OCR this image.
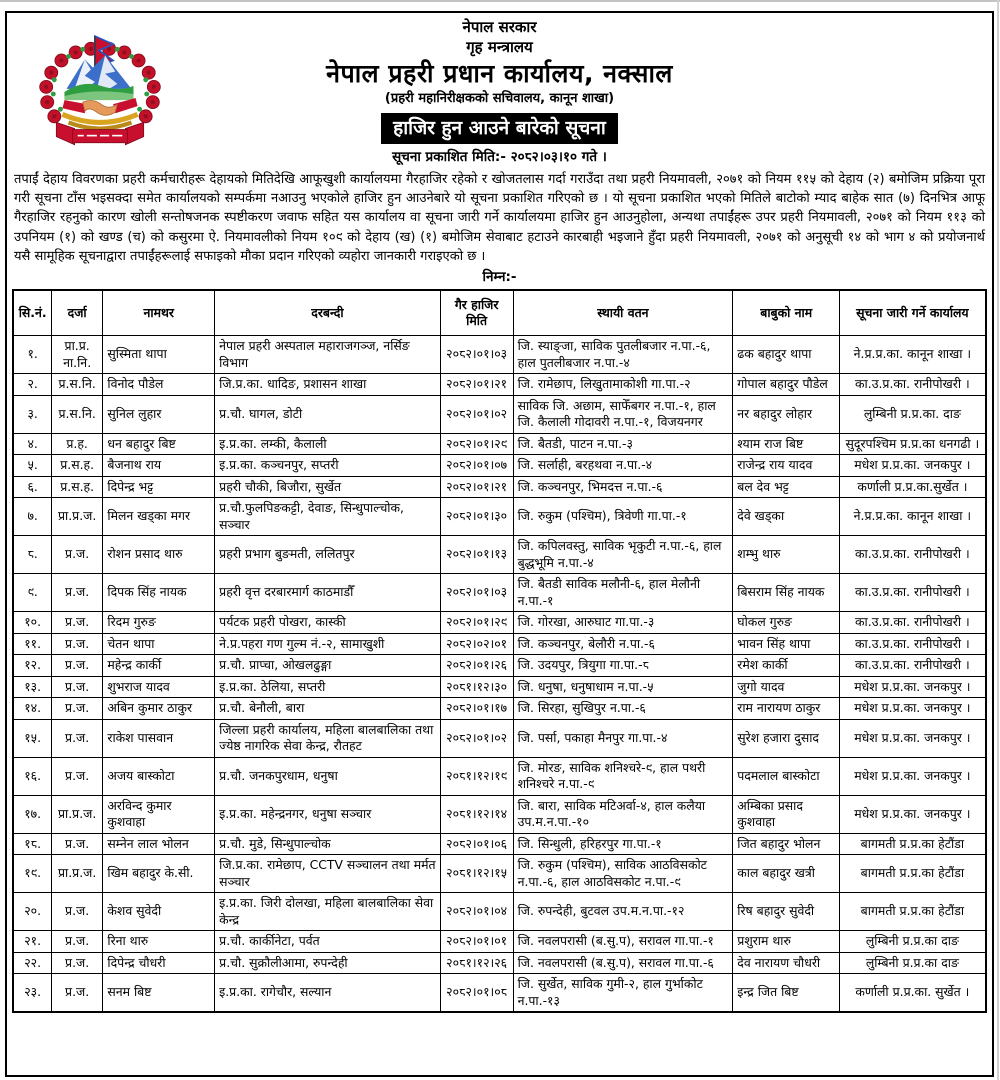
नेपाल सरकार
गृह मन्त्रालय
नेपाल प्रहरी प्रधान कार्यालय, नक्साल
(प्रहरी महानिरीक्षकको सचिवालय, कानून शाखा)
हाजिर हुन आउने बारेको सूचना
सूचना प्रकाशित मिति:- २०८२।०३।१० गते ।
तपाईं देहाय विवरणका प्रहरी कर्मचारीहरू देहायको मितिदेखि आफूखुशी कार्यालयमा गैरहाजिर रहेको र खोजतलास गर्दा गराउँदा तथा प्रहरी नियमावली, २०७१ को नियम ११५ को देहाय (२) बमोजिम प्रक्रिया पूरा गरी सूचना टाँस भइसक्दा समेत कार्यालयको सम्पर्कमा नआउनु भएकोले हाजिर हुन आउनेबारे यो सूचना प्रकाशित गरिएको छ । यो सूचना प्रकाशित भएको मितिले बाटोको म्याद बाहेक सात (७) दिनभित्र आफू गैरहाजिर रहनुको कारण खोली सन्तोषजनक स्पष्टीकरण जवाफ सहित यस कार्यालय वा सूचना जारी गर्ने कार्यालयमा हाजिर हुन आउनुहोला, अन्यथा तपाईंहरू उपर प्रहरी नियमावली, २०७१ को नियम ११३ को उपनियम (१) को खण्ड (च) को कसुरमा ऐ. नियमावलीको नियम १०९ को देहाय (ख) (१) बमोजिम सेवाबाट हटाउने कारबाही भइजाने हुँदा प्रहरी नियमावली, २०७१ को अनुसूची १४ को भाग ४ को प्रयोजनार्थ यसै सामूहिक सूचनाद्वारा तपाईंहरूलाई सफाइको मौका प्रदान गरिएको व्यहोरा जानकारी गराइएको छ ।
निम्न:-
सि.नं.	दर्जा	नामथर	दरबन्दी	गैर हाजिर मिति	स्थायी वतन	बाबुको नाम	सूचना जारी गर्ने कार्यालय
१.	प्रा.प्र. ना.नि.	सुस्मिता थापा	नेपाल प्रहरी अस्पताल महाराजगञ्ज, नर्सिङ विभाग	२०८२।०१।०३	जि. स्याङ्जा, साविक पुतलीबजार न.पा.-६, हाल पुतलीबजार न.पा.-४	ढक बहादुर थापा	ने.प्र.प्र.का. कानून शाखा ।
२.	प्र.स.नि.	विनोद पौडेल	जि.प्र.का. धादिङ, प्रशासन शाखा	२०८२।०१।२१	जि. रामेछाप, लिखुतामाकोशी गा.पा.-२	गोपाल बहादुर पौडेल	का.उ.प्र.का. रानीपोखरी ।
३.	प्र.स.नि.	सुनिल लुहार	प्र.चौ. घागल, डोटी	२०८२।०१।०२	साविक जि. अछाम, साफेँबगर न.पा.-१, हाल जि. कैलाली गोदावरी न.पा.-१, विजयनगर	नर बहादुर लोहार	लुम्बिनी प्र.प्र.का. दाङ
४.	प्र.ह.	धन बहादुर बिष्ट	इ.प्र.का. लम्की, कैलाली	२०८२।०१।२९	जि. बैतडी, पाटन न.पा.-३	श्याम राज बिष्ट	सुदूरपश्चिम प्र.प्र.का धनगढी ।
५.	प्र.स.ह.	बैजनाथ राय	इ.प्र.का. कञ्चनपुर, सप्तरी	२०८२।०१।०७	जि. सर्लाही, बरहथवा न.पा.-४	राजेन्द्र राय यादव	मधेश प्र.प्र.का. जनकपुर ।
६.	प्र.स.ह.	दिपेन्द्र भट्ट	प्रहरी चौकी, बिजौरा, सुर्खेत	२०८२।०१।२१	जि. कञ्चनपुर, भिमदत्त न.पा.-६	बल देव भट्ट	कर्णाली प्र.प्र.का.सुर्खेत ।
७.	प्रा.प्र.ज.	मिलन खड्का मगर	प्र.चौ.फुलपिङकट्टी, देवाङ, सिन्धुपाल्चोक, सञ्चार	२०८२।०१।३०	जि. रुकुम (पश्चिम), त्रिवेणी गा.पा.-१	देवे खड्का	ने.प्र.प्र.का. कानून शाखा ।
८.	प्र.ज.	रोशन प्रसाद थारु	प्रहरी प्रभाग बुङमती, ललितपुर	२०८२।०१।१३	जि. कपिलवस्तु, साविक भृकुटी न.पा.-६, हाल बुद्धभूमि न.पा.-४	शम्भु थारु	का.उ.प्र.का. रानीपोखरी ।
९.	प्र.ज.	दिपक सिंह नायक	प्रहरी वृत्त दरबारमार्ग काठमाडौँ	२०८२।०१।०३	जि. बैतडी साविक मलौनी-६, हाल मेलौनी न.पा.-१	बिसराम सिंह नायक	का.उ.प्र.का. रानीपोखरी ।
१०.	प्र.ज.	रिदम गुरुङ	पर्यटक प्रहरी पोखरा, कास्की	२०८२।०१।२९	जि. गोरखा, आरुघाट गा.पा.-३	घोकल गुरुङ	का.उ.प्र.का. रानीपोखरी ।
११.	प्र.ज.	चेतन थापा	ने.प्र.पहरा गण गुल्म नं.-२, सामाखुशी	२०८२।०२।०१	जि. कञ्चनपुर, बेलौरी न.पा.-६	भावन सिंह थापा	का.उ.प्र.का. रानीपोखरी ।
१२.	प्र.ज.	महेन्द्र कार्की	प्र.चौ. प्राप्चा, ओखलढुङ्गा	२०८२।०१।२६	जि. उदयपुर, त्रियुगा गा.पा.-८	रमेश कार्की	का.उ.प्र.का. रानीपोखरी ।
१३.	प्र.ज.	शुभराज यादव	इ.प्र.का. ठेलिया, सप्तरी	२०८१।१२।३०	जि. धनुषा, धनुषाधाम न.पा.-५	जुगो यादव	मधेश प्र.प्र.का. जनकपुर ।
१४.	प्र.ज.	अबिन कुमार ठाकुर	प्र.चौ. बेनौली, बारा	२०८२।०१।१७	जि. सिरहा, सुखिपुर न.पा.-६	राम नारायण ठाकुर	मधेश प्र.प्र.का. जनकपुर ।
१५.	प्र.ज.	राकेश पासवान	जिल्ला प्रहरी कार्यालय, महिला बालबालिका तथा ज्येष्ठ नागरिक सेवा केन्द्र, रौतहट	२०८२।०१।०२	जि. पर्सा, पकाहा मैनपुर गा.पा.-४	सुरेश हजारा दुसाद	मधेश प्र.प्र.का. जनकपुर ।
१६.	प्र.ज.	अजय बास्कोटा	प्र.चौ. जनकपुरधाम, धनुषा	२०८१।१२।१९	जि. मोरङ, साविक शनिश्चरे-९, हाल पथरी शनिश्चरे न.पा.-९	पदमलाल बास्कोटा	मधेश प्र.प्र.का. जनकपुर ।
१७.	प्रा.प्र.ज.	अरविन्द कुमार कुशवाहा	इ.प्र.का. महेन्द्रनगर, धनुषा सञ्चार	२०८१।१२।१४	जि. बारा, साविक मटिअर्वा-४, हाल कलैया उप.म.न.पा.-१०	अम्बिका प्रसाद कुशवाहा	मधेश प्र.प्र.का. जनकपुर ।
१८.	प्र.ज.	सम्नेन लाल भोलन	प्र.चौ. मुडे, सिन्धुपाल्चोक	२०८२।०१।०६	जि. सिन्धुली, हरिहरपुर गा.पा.-१	जित बहादुर भोलन	बागमती प्र.प्र.का हेटौंडा
१९.	प्रा.प्र.ज.	खिम बहादुर के.सी.	जि.प्र.का. रामेछाप, CCTV सञ्चालन तथा मर्मत सञ्चार	२०८१।१२।१५	जि. रुकुम (पश्चिम), साविक आठविसकोट न.पा.-६, हाल आठविसकोट न.पा.-९	काल बहादुर खत्री	बागमती प्र.प्र.का हेटौंडा
२०.	प्र.ज.	केशव सुवेदी	इ.प्र.का. जिरी दोलखा, महिला बालबालिका सेवा केन्द्र	२०८२।०१।०४	जि. रुपन्देही, बुटवल उप.म.न.पा.-१२	रिष बहादुर सुवेदी	बागमती प्र.प्र.का हेटौंडा
२१.	प्र.ज.	रिना थारु	प्र.चौ. कार्कीनेटा, पर्वत	२०८२।०१।०१	जि. नवलपरासी (ब.सु.प), सरावल गा.पा.-१	प्रशुराम थारु	लुम्बिनी प्र.प्र.का दाङ
२२.	प्र.ज.	दिपेन्द्र चौधरी	प्र.चौ. सुक्रौलीआमा, रुपन्देही	२०८१।१२।२६	जि. नवलपरासी (ब.सु.प), सरावल गा.पा.-६	देव नारायण चौधरी	लुम्बिनी प्र.प्र.का दाङ
२३.	प्र.ज.	सनम बिष्ट	इ.प्र.का. रागेचौर, सल्यान	२०८२।०१।०८	जि. सुर्खेत, साविक गुमी-२, हाल गुर्भाकोट न.पा.-१३	इन्द्र जित बिष्ट	कर्णाली प्र.प्र.का. सुर्खेत ।
